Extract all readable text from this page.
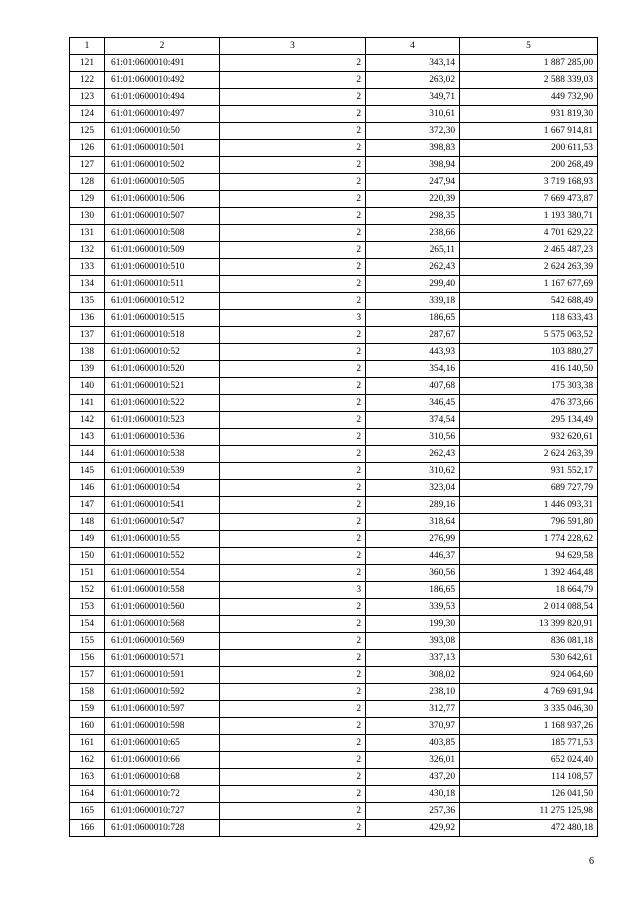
1	2	3	4	5
121	61:01:0600010:491	2	343,14	1 887 285,00
122	61:01:0600010:492	2	263,02	2 588 339,03
123	61:01:0600010:494	2	349,71	449 732,90
124	61:01:0600010:497	2	310,61	931 819,30
125	61:01:0600010:50	2	372,30	1 667 914,81
126	61:01:0600010:501	2	398,83	200 611,53
127	61:01:0600010:502	2	398,94	200 268,49
128	61:01:0600010:505	2	247,94	3 719 168,93
129	61:01:0600010:506	2	220,39	7 669 473,87
130	61:01:0600010:507	2	298,35	1 193 380,71
131	61:01:0600010:508	2	238,66	4 701 629,22
132	61:01:0600010:509	2	265,11	2 465 487,23
133	61:01:0600010:510	2	262,43	2 624 263,39
134	61:01:0600010:511	2	299,40	1 167 677,69
135	61:01:0600010:512	2	339,18	542 688,49
136	61:01:0600010:515	3	186,65	118 633,43
137	61:01:0600010:518	2	287,67	5 575 063,52
138	61:01:0600010:52	2	443,93	103 880,27
139	61:01:0600010:520	2	354,16	416 140,50
140	61:01:0600010:521	2	407,68	175 303,38
141	61:01:0600010:522	2	346,45	476 373,66
142	61:01:0600010:523	2	374,54	295 134,49
143	61:01:0600010:536	2	310,56	932 620,61
144	61:01:0600010:538	2	262,43	2 624 263,39
145	61:01:0600010:539	2	310,62	931 552,17
146	61:01:0600010:54	2	323,04	689 727,79
147	61:01:0600010:541	2	289,16	1 446 093,31
148	61:01:0600010:547	2	318,64	796 591,80
149	61:01:0600010:55	2	276,99	1 774 228,62
150	61:01:0600010:552	2	446,37	94 629,58
151	61:01:0600010:554	2	360,56	1 392 464,48
152	61:01:0600010:558	3	186,65	18 664,79
153	61:01:0600010:560	2	339,53	2 014 088,54
154	61:01:0600010:568	2	199,30	13 399 820,91
155	61:01:0600010:569	2	393,08	836 081,18
156	61:01:0600010:571	2	337,13	530 642,61
157	61:01:0600010:591	2	308,02	924 064,60
158	61:01:0600010:592	2	238,10	4 769 691,94
159	61:01:0600010:597	2	312,77	3 335 046,30
160	61:01:0600010:598	2	370,97	1 168 937,26
161	61:01:0600010:65	2	403,85	185 771,53
162	61:01:0600010:66	2	326,01	652 024,40
163	61:01:0600010:68	2	437,20	114 108,57
164	61:01:0600010:72	2	430,18	126 041,50
165	61:01:0600010:727	2	257,36	11 275 125,98
166	61:01:0600010:728	2	429,92	472 480,18
6
